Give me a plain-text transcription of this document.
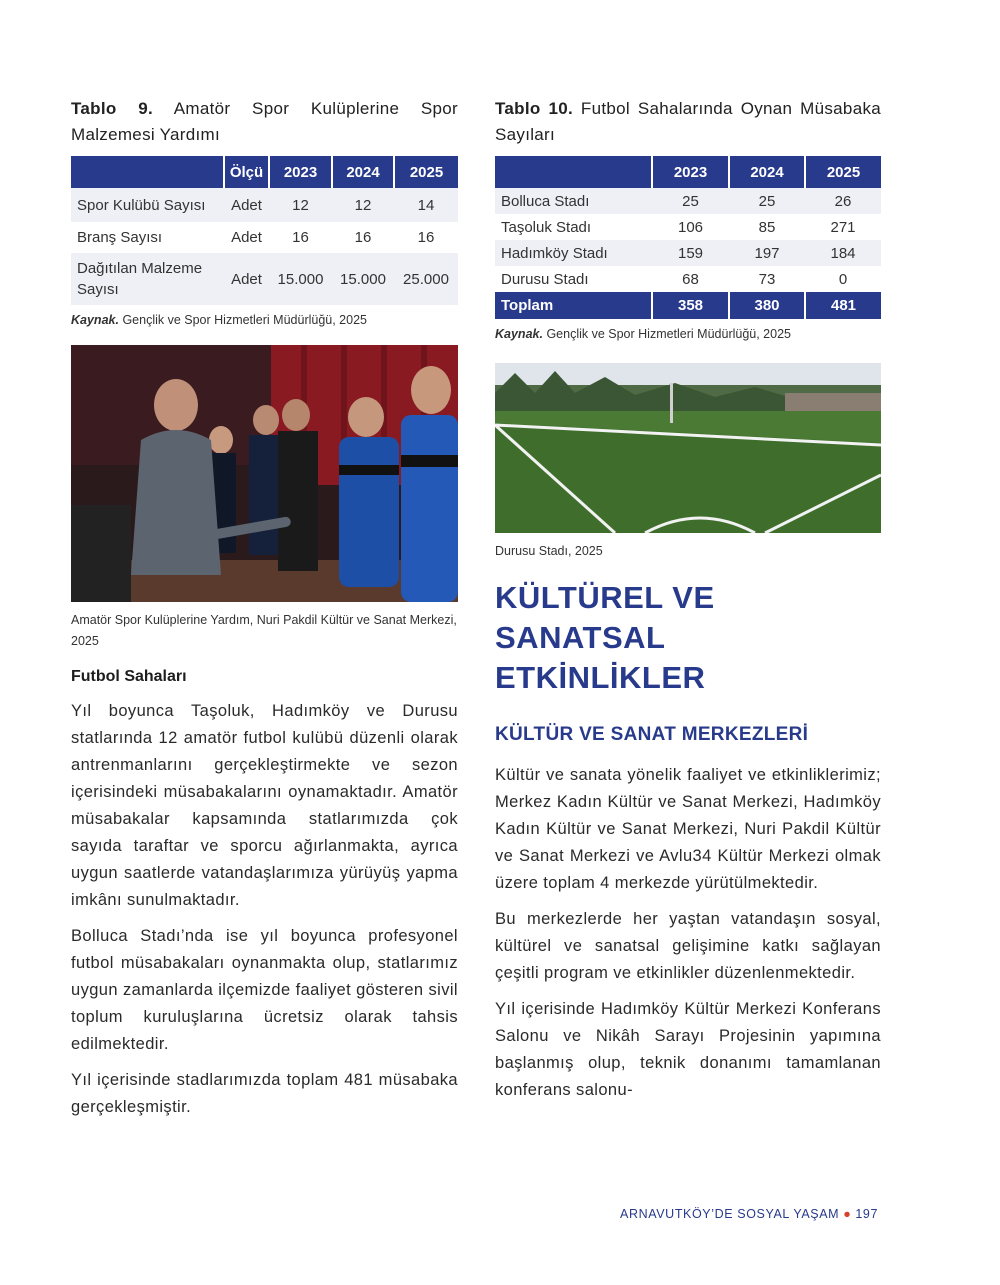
Tablo 9. Amatör Spor Kulüplerine Spor Malzemesi Yardımı

	Ölçü	2023	2024	2025
Spor Kulübü Sayısı	Adet	12	12	14
Branş Sayısı	Adet	16	16	16
Dağıtılan Malzeme Sayısı	Adet	15.000	15.000	25.000

Kaynak. Gençlik ve Spor Hizmetleri Müdürlüğü, 2025

Amatör Spor Kulüplerine Yardım, Nuri Pakdil Kültür ve Sanat Merkezi, 2025

Futbol Sahaları

Yıl boyunca Taşoluk, Hadımköy ve Durusu statlarında 12 amatör futbol kulübü düzenli olarak antrenmanlarını gerçekleştirmekte ve sezon içerisindeki müsabakalarını oynamaktadır. Amatör müsabakalar kapsamında statlarımızda çok sayıda taraftar ve sporcu ağırlanmakta, ayrıca uygun saatlerde vatandaşlarımıza yürüyüş yapma imkânı sunulmaktadır.

Bolluca Stadı’nda ise yıl boyunca profesyonel futbol müsabakaları oynanmakta olup, statlarımız uygun zamanlarda ilçemizde faaliyet gösteren sivil toplum kuruluşlarına ücretsiz olarak tahsis edilmektedir.

Yıl içerisinde stadlarımızda toplam 481 müsabaka gerçekleşmiştir.

Tablo 10. Futbol Sahalarında Oynan Müsabaka Sayıları

	2023	2024	2025
Bolluca Stadı	25	25	26
Taşoluk Stadı	106	85	271
Hadımköy Stadı	159	197	184
Durusu Stadı	68	73	0
Toplam	358	380	481

Kaynak. Gençlik ve Spor Hizmetleri Müdürlüğü, 2025

Durusu Stadı, 2025

KÜLTÜREL VE
SANATSAL
ETKİNLİKLER
KÜLTÜR VE SANAT MERKEZLERİ

Kültür ve sanata yönelik faaliyet ve etkinliklerimiz; Merkez Kadın Kültür ve Sanat Merkezi, Hadımköy Kadın Kültür ve Sanat Merkezi, Nuri Pakdil Kültür ve Sanat Merkezi ve Avlu34 Kültür Merkezi olmak üzere toplam 4 merkezde yürütülmektedir.

Bu merkezlerde her yaştan vatandaşın sosyal, kültürel ve sanatsal gelişimine katkı sağlayan çeşitli program ve etkinlikler düzenlenmektedir.

Yıl içerisinde Hadımköy Kültür Merkezi Konferans Salonu ve Nikâh Sarayı Projesinin yapımına başlanmış olup, teknik donanımı tamamlanan konferans salonu-

ARNAVUTKÖY’DE SOSYAL YAŞAM ● 197
